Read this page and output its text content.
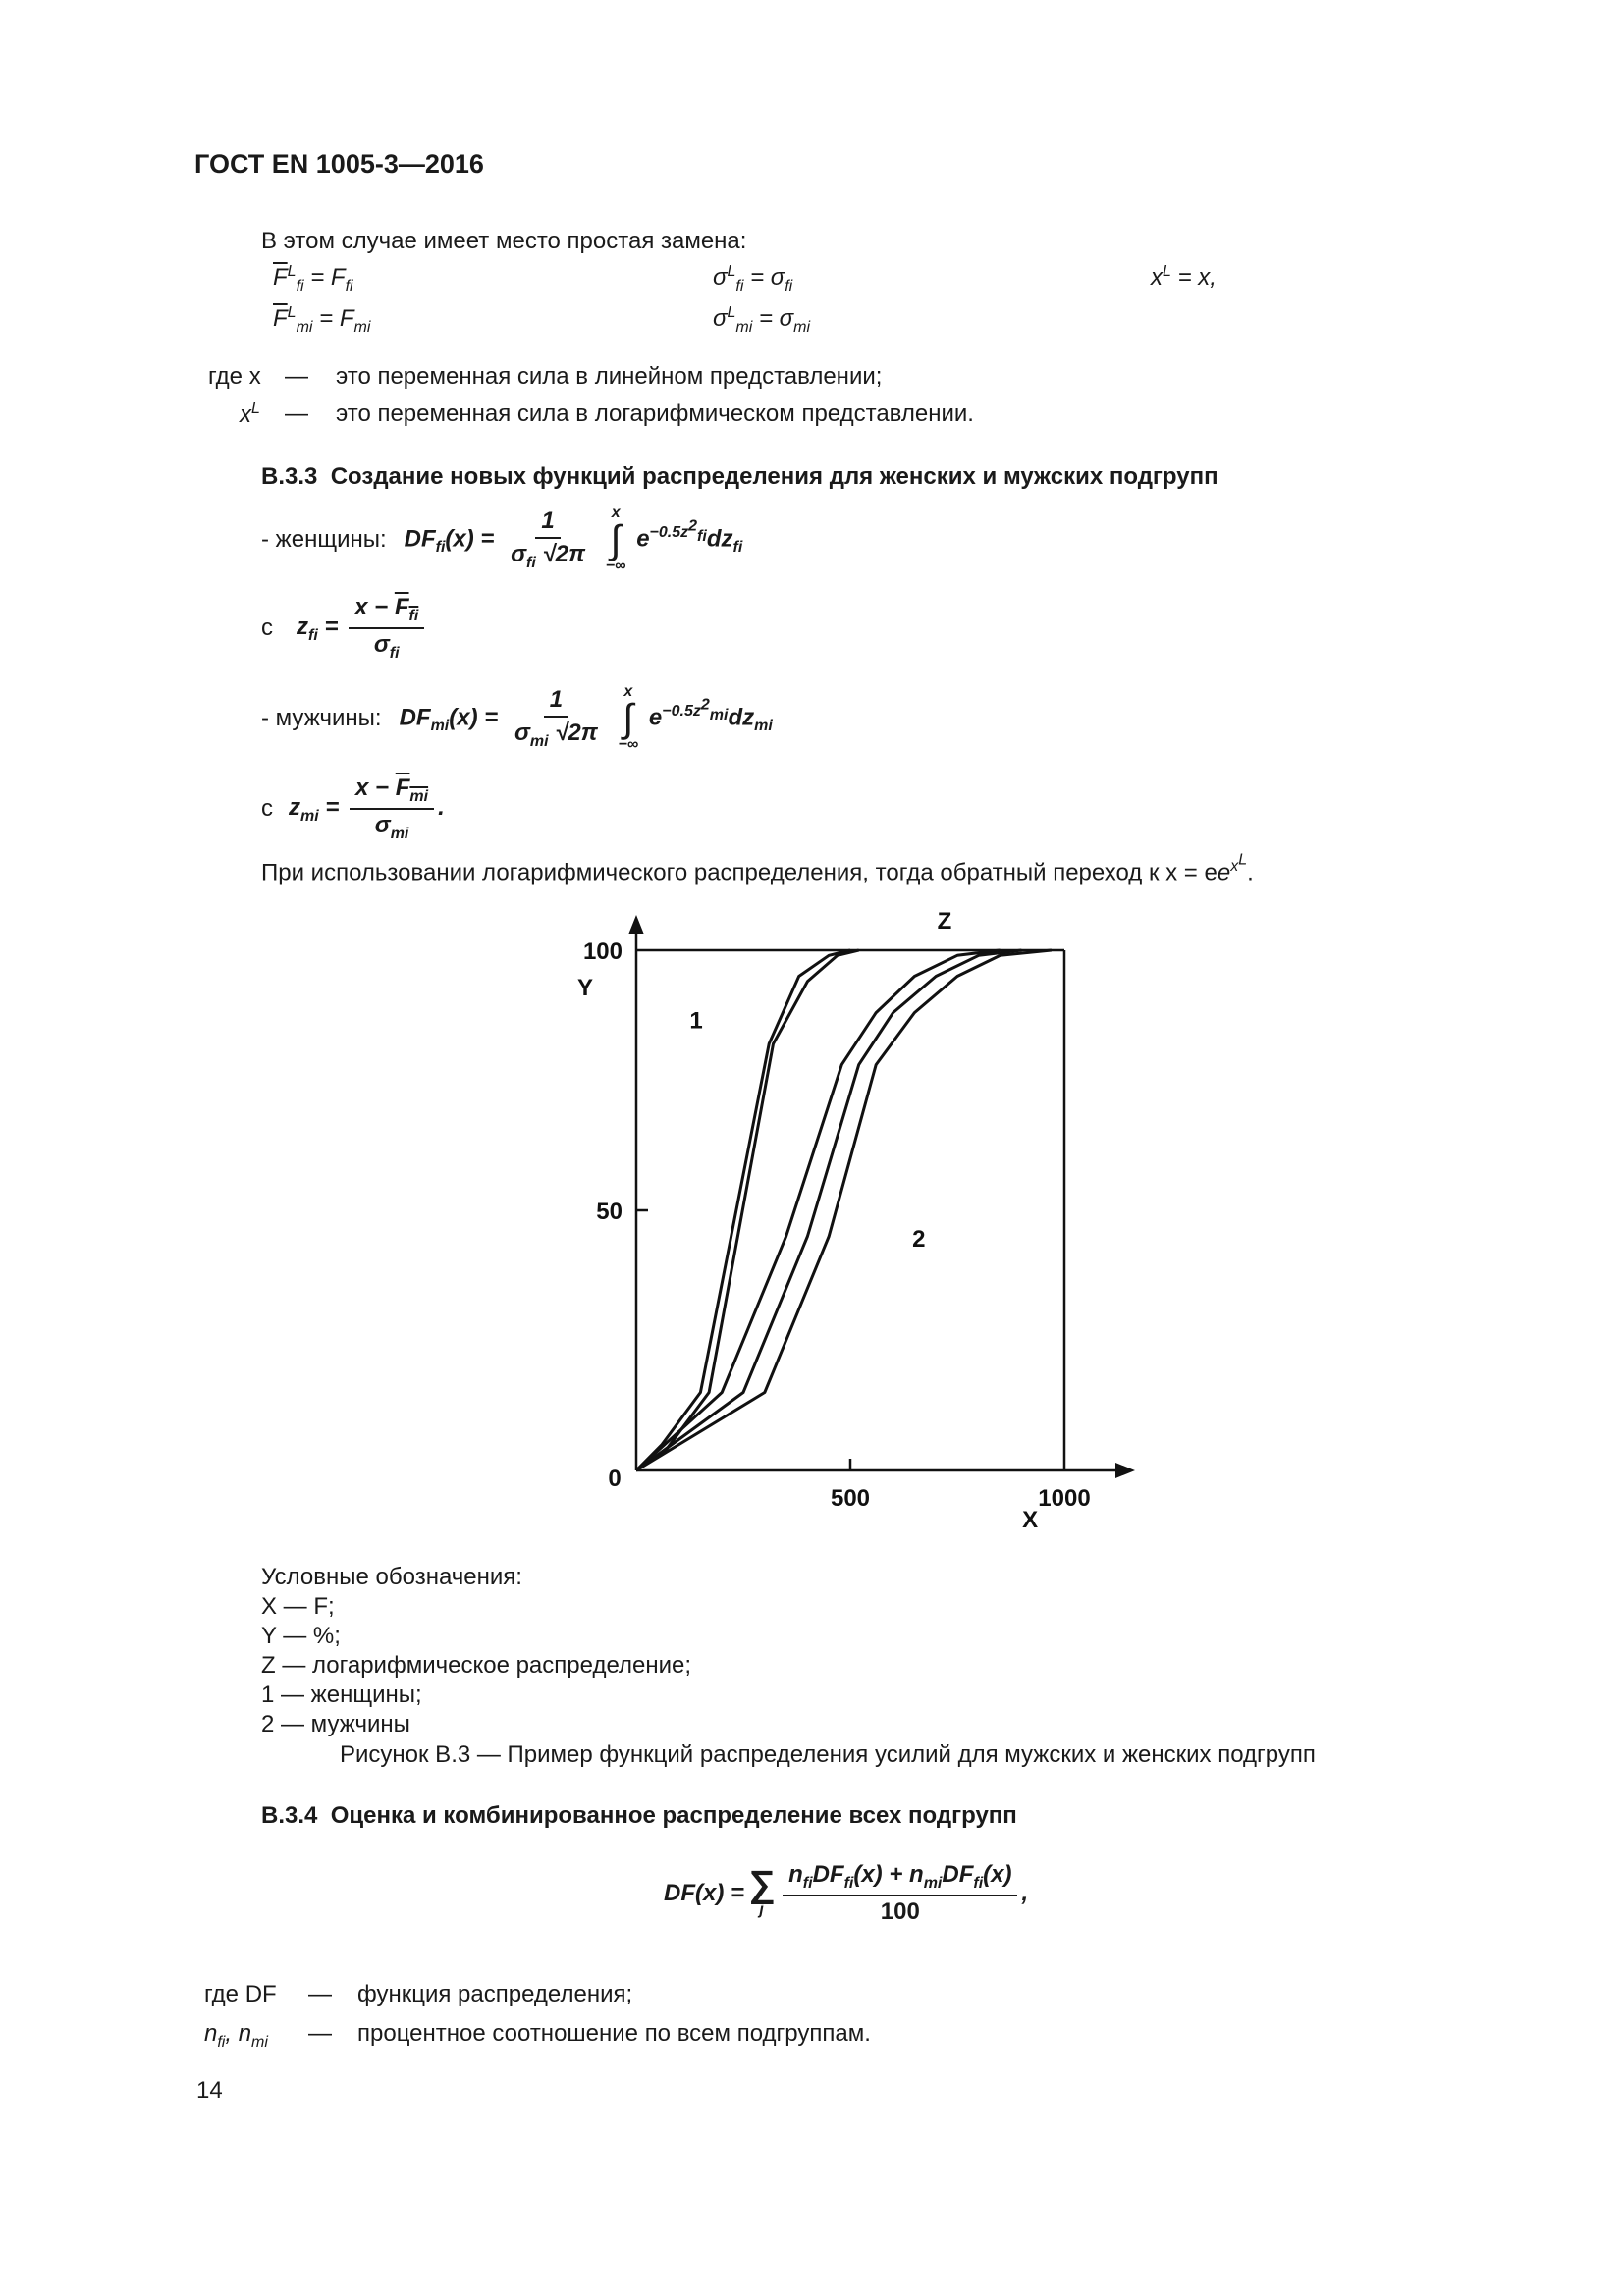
ГОСТ EN 1005-3—2016
В этом случае имеет место простая замена:
$\overline{F}^L_{fi} = F_{fi}$
$\overline{F}^L_{mi} = F_{mi}$
$\sigma^L_{fi} = \sigma_{fi}$
$\sigma^L_{mi} = \sigma_{mi}$
$x^L = x$,
где x — это переменная сила в линейном представлении;
$x^L$ — это переменная сила в логарифмическом представлении.
B.3.3 Создание новых функций распределения для женских и мужских подгрупп
- женщины: $DF_{fi}(x) = \frac{1}{\sigma_{fi} √2\pi}$
x
∫
−∞
$e^{-0.5z^2_{fi}}dz_{fi}$
с $z_{fi} = \frac{x - F_{fi}}{\sigma_{fi}}$
- мужчины: $DF_{mi}(x) = \frac{1}{\sigma_{mi} √2\pi}$
x
∫
−∞
$e^{-0.5z^2_{mi}}dz_{mi}$
с $z_{mi} = \frac{x - F_{mi}}{\sigma_{mi}}$ .
При использовании логарифмического распределения, тогда обратный переход к $x = ee^{x^L}$.
100
50
0
500	1000
Y
X
Z
1
2
Условные обозначения:
X — F;
Y — %;
Z — логарифмическое распределение;
1 — женщины;
2 — мужчины
Рисунок B.3 — Пример функций распределения усилий для мужских и женских подгрупп
B.3.4 Оценка и комбинированное распределение всех подгрупп
DF(x) = ∑
j $\frac{n_{fi}DF_{fi}(x) + n_{mi}DF_{fi}(x)}{100}$ ,
где DF — функция распределения;
$n_{fi}$, $n_{mi}$ — процентное соотношение по всем подгруппам.
14
